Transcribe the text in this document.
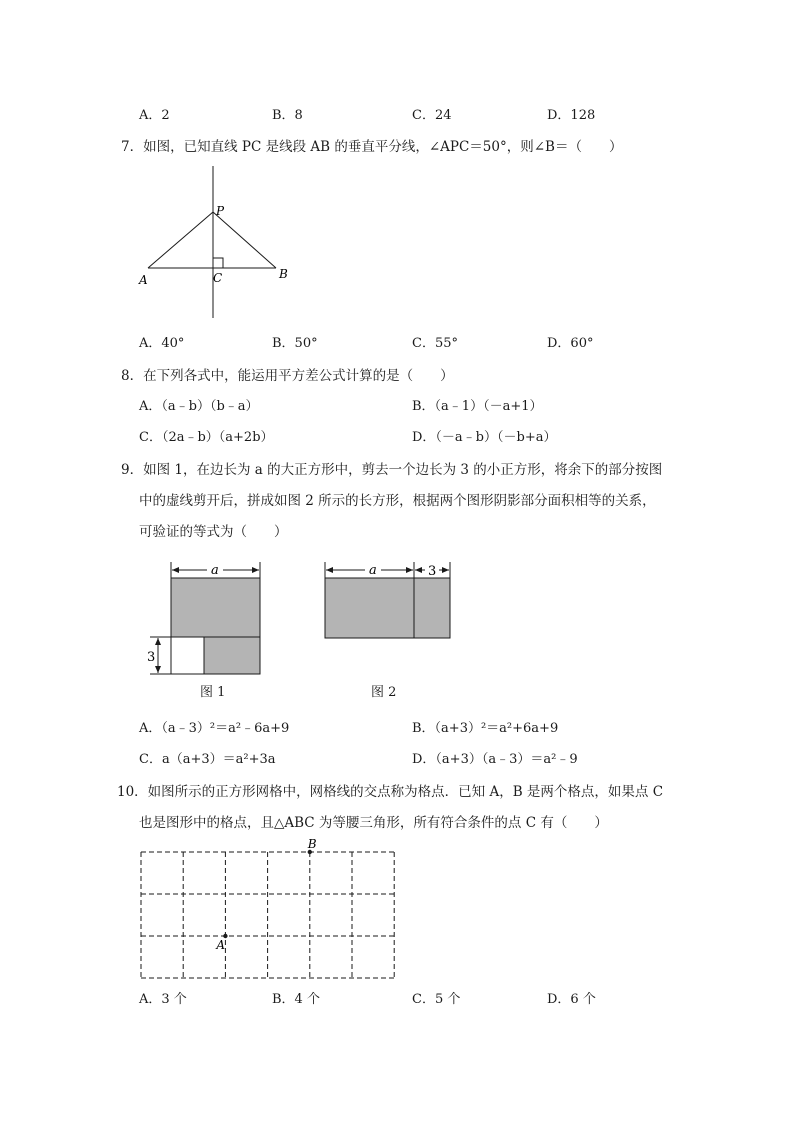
A．2	B．8	C．24	D．128
7．如图，已知直线 PC 是线段 AB 的垂直平分线，∠APC＝50°，则∠B＝（　　）
P
A	B
C
A．40°	B．50°	C．55°	D．60°
8．在下列各式中，能运用平方差公式计算的是（　　）
A．（a﹣b）（b﹣a）	B．（a﹣1）（－a+1）
C．（2a﹣b）（a+2b）	D．（－a﹣b）（－b+a）
9．如图 1，在边长为 a 的大正方形中，剪去一个边长为 3 的小正方形，将余下的部分按图
中的虚线剪开后，拼成如图 2 所示的长方形，根据两个图形阴影部分面积相等的关系，
可验证的等式为（　　）
a
3
图 1
a	3
图 2
A．（a﹣3）²＝a²﹣6a+9	B．（a+3）²＝a²+6a+9
C．a（a+3）＝a²+3a	D．（a+3）（a﹣3）＝a²﹣9
10．如图所示的正方形网格中，网格线的交点称为格点．已知 A，B 是两个格点，如果点 C
也是图形中的格点，且△ABC 为等腰三角形，所有符合条件的点 C 有（　　）
A
B
A．3 个	B．4 个	C．5 个	D．6 个
